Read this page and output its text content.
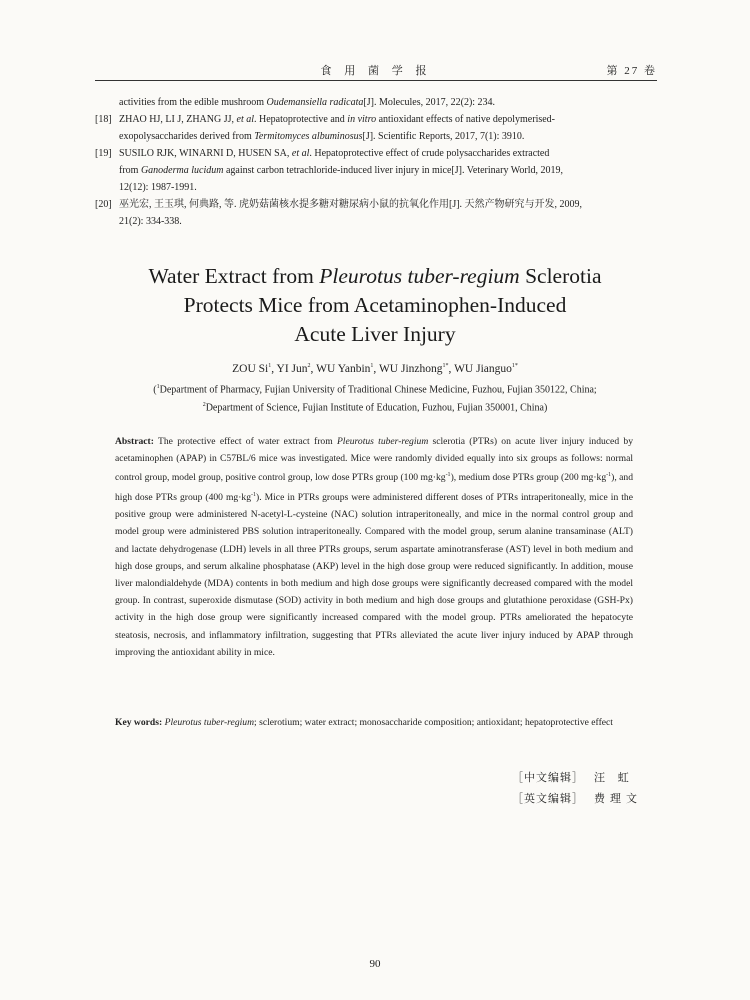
食 用 菌 学 报	第 27 卷
activities from the edible mushroom Oudemansiella radicata[J]. Molecules, 2017, 22(2): 234.
[18] ZHAO HJ, LI J, ZHANG JJ, et al. Hepatoprotective and in vitro antioxidant effects of native depolymerised-
exopolysaccharides derived from Termitomyces albuminosus[J]. Scientific Reports, 2017, 7(1): 3910.
[19] SUSILO RJK, WINARNI D, HUSEN SA, et al. Hepatoprotective effect of crude polysaccharides extracted
from Ganoderma lucidum against carbon tetrachloride-induced liver injury in mice[J]. Veterinary World, 2019,
12(12): 1987-1991.
[20] 巫光宏, 王玉琪, 何典路, 等. 虎奶菇菌核水提多糖对糖尿病小鼠的抗氧化作用[J]. 天然产物研究与开发, 2009,
21(2): 334-338.
Water Extract from Pleurotus tuber-regium Sclerotia
Protects Mice from Acetaminophen-Induced
Acute Liver Injury
ZOU Si$^1$, YI Jun$^2$, WU Yanbin$^1$, WU Jinzhong$^{1*}$, WU Jianguo$^{1*}$
($^1$Department of Pharmacy, Fujian University of Traditional Chinese Medicine, Fuzhou, Fujian 350122, China;
$^2$Department of Science, Fujian Institute of Education, Fuzhou, Fujian 350001, China)
Abstract: The protective effect of water extract from Pleurotus tuber-regium sclerotia (PTRs) on acute liver injury induced by acetaminophen (APAP) in C57BL/6 mice was investigated. Mice were randomly divided equally into six groups as follows: normal control group, model group, positive control group, low dose PTRs group (100 $mg\cdot kg^{-1}$), medium dose PTRs group (200 $mg\cdot kg^{-1}$), and high dose PTRs group (400 $mg\cdot kg^{-1}$). Mice in PTRs groups were administered different doses of PTRs intraperitoneally, mice in the positive group were administered N-acetyl-L-cysteine (NAC) solution intraperitoneally, and mice in the normal control group and model group were administered PBS solution intraperitoneally. Compared with the model group, serum alanine transaminase (ALT) and lactate dehydrogenase (LDH) levels in all three PTRs groups, serum aspartate aminotransferase (AST) level in both medium and high dose groups, and serum alkaline phosphatase (AKP) level in the high dose group were reduced significantly. In addition, mouse liver malondialdehyde (MDA) contents in both medium and high dose groups were significantly decreased compared with the model group. In contrast, superoxide dismutase (SOD) activity in both medium and high dose groups and glutathione peroxidase (GSH-Px) activity in the high dose group were significantly increased compared with the model group. PTRs ameliorated the hepatocyte steatosis, necrosis, and inflammatory infiltration, suggesting that PTRs alleviated the acute liver injury induced by APAP through improving the antioxidant ability in mice.
Key words: Pleurotus tuber-regium; sclerotium; water extract; monosaccharide composition; antioxidant; hepatoprotective effect
［中文编辑］ 汪 虹
［英文编辑］ 费理文
90
